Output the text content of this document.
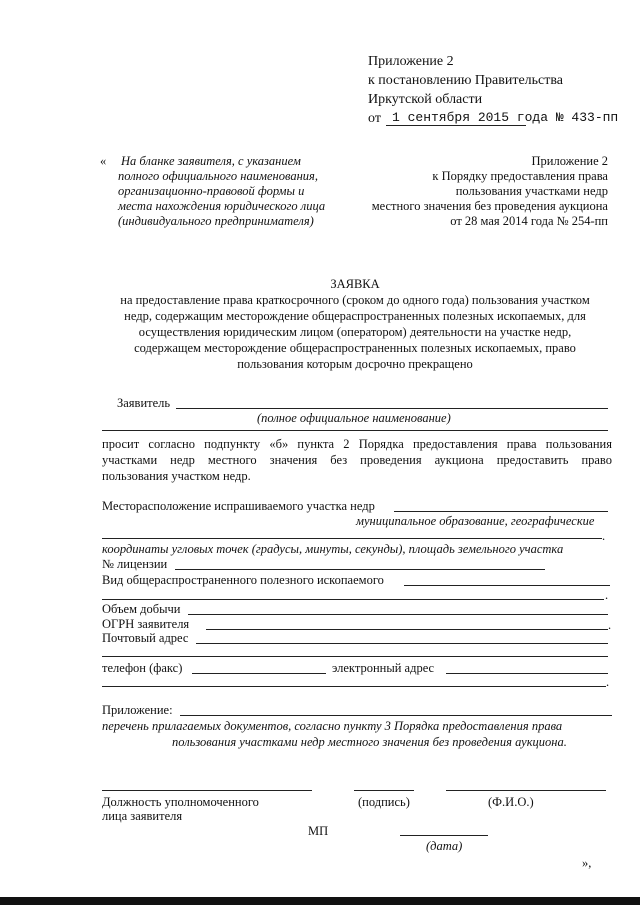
Приложение 2
к постановлению Правительства
Иркутской области
от 1 сентября 2015 года № 433-пп
« На бланке заявителя, с указанием
полного официального наименования,
организационно-правовой формы и
места нахождения юридического лица
(индивидуального предпринимателя)
Приложение 2
к Порядку предоставления права
пользования участками недр
местного значения без проведения аукциона
от 28 мая 2014 года № 254-пп
ЗАЯВКА
на предоставление права краткосрочного (сроком до одного года) пользования участком
недр, содержащим месторождение общераспространенных полезных ископаемых, для
осуществления юридическим лицом (оператором) деятельности на участке недр,
содержащем месторождение общераспространенных полезных ископаемых, право
пользования которым досрочно прекращено
Заявитель
(полное официальное наименование)
просит согласно подпункту «б» пункта 2 Порядка предоставления права пользования
участками недр местного значения без проведения аукциона предоставить право
пользования участком недр.
Месторасположение испрашиваемого участка недр
муниципальное образование, географические
.
координаты угловых точек (градусы, минуты, секунды), площадь земельного участка
№ лицензии
Вид общераспространенного полезного ископаемого
.
Объем добычи
ОГРН заявителя	.
Почтовый адрес
телефон (факс)	электронный адрес
.
Приложение:
перечень прилагаемых документов, согласно пункту 3 Порядка предоставления права
пользования участками недр местного значения без проведения аукциона.
Должность уполномоченного
лица заявителя
(подпись)	(Ф.И.О.)
МП
(дата)
»,
